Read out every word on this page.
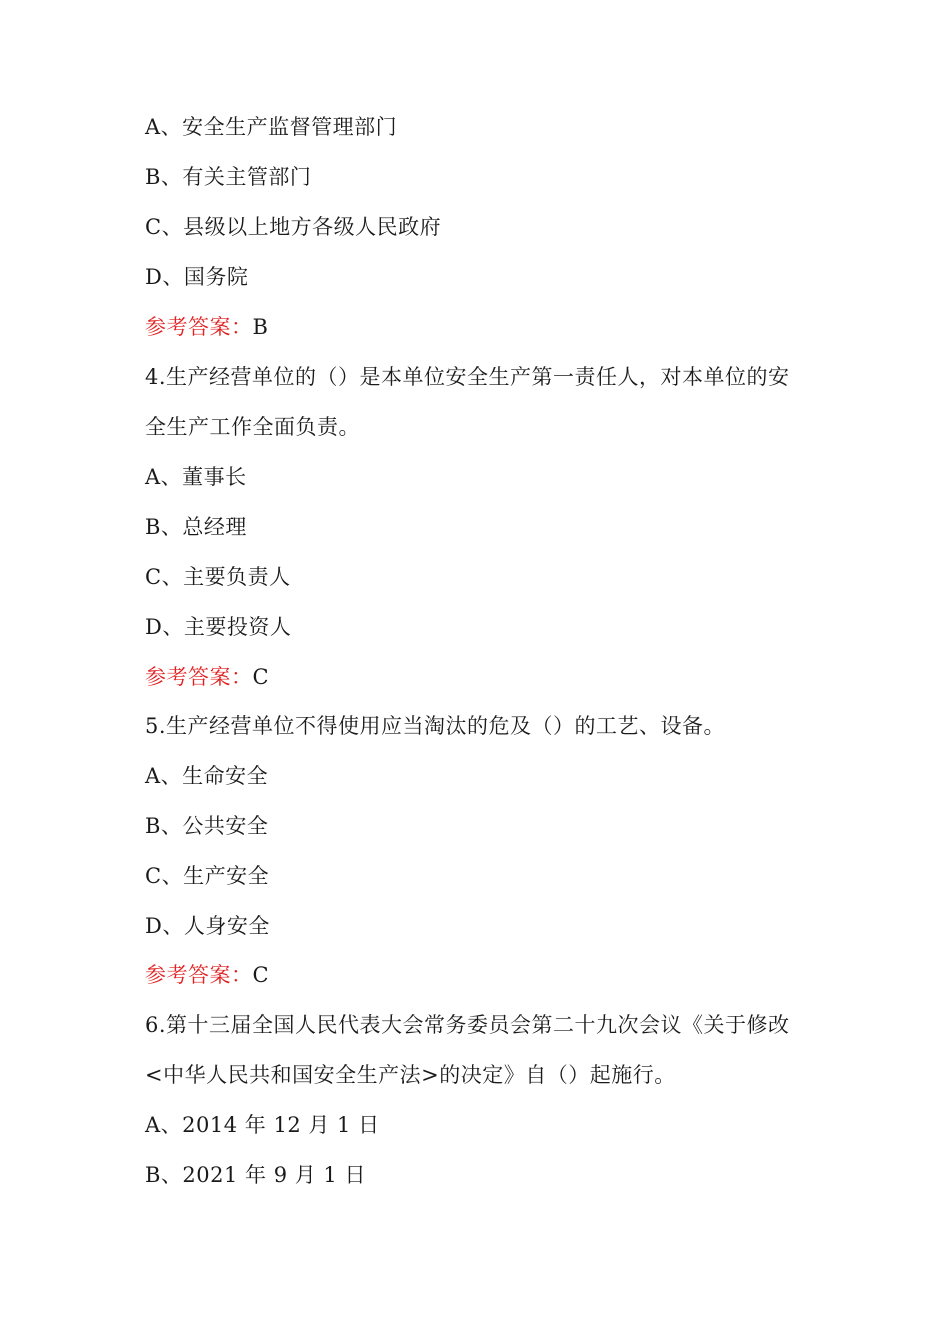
A、安全生产监督管理部门
B、有关主管部门
C、县级以上地方各级人民政府
D、国务院
参考答案：B
4.生产经营单位的（）是本单位安全生产第一责任人，对本单位的安
全生产工作全面负责。
A、董事长
B、总经理
C、主要负责人
D、主要投资人
参考答案：C
5.生产经营单位不得使用应当淘汰的危及（）的工艺、设备。
A、生命安全
B、公共安全
C、生产安全
D、人身安全
参考答案：C
6.第十三届全国人民代表大会常务委员会第二十九次会议《关于修改
<中华人民共和国安全生产法>的决定》自（）起施行。
A、2014 年 12 月 1 日
B、2021 年 9 月 1 日
